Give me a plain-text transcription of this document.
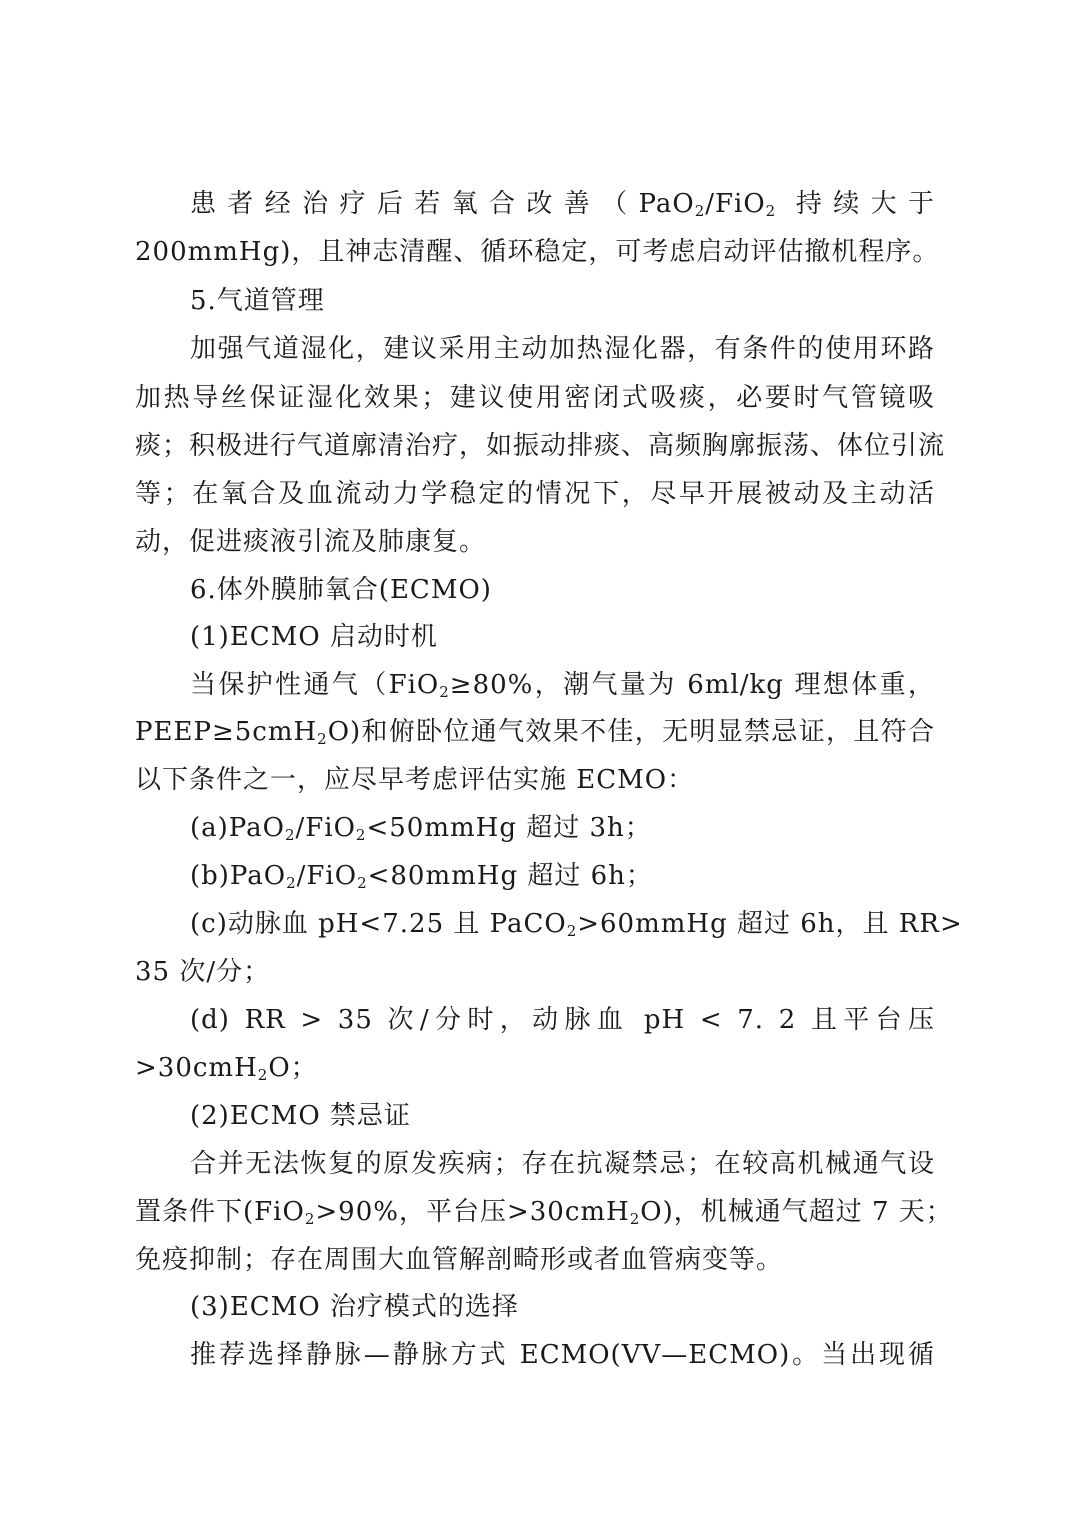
患者经治疗后若氧合改善（PaO$_2$/FiO$_2$ 持续大于
200mmHg)，且神志清醒、循环稳定，可考虑启动评估撤机程序。
5.气道管理
加强气道湿化，建议采用主动加热湿化器，有条件的使用环路
加热导丝保证湿化效果；建议使用密闭式吸痰，必要时气管镜吸
痰；积极进行气道廓清治疗，如振动排痰、高频胸廓振荡、体位引流
等；在氧合及血流动力学稳定的情况下，尽早开展被动及主动活
动，促进痰液引流及肺康复。
6.体外膜肺氧合(ECMO)
(1)ECMO 启动时机
当保护性通气（FiO$_2$≥80%，潮气量为 6ml/kg 理想体重，
PEEP≥5cmH$_2$O)和俯卧位通气效果不佳，无明显禁忌证，且符合
以下条件之一，应尽早考虑评估实施 ECMO：
(a)PaO$_2$/FiO$_2$<50mmHg 超过 3h；
(b)PaO$_2$/FiO$_2$<80mmHg 超过 6h；
(c)动脉血 pH<7.25 且 PaCO$_2$>60mmHg 超过 6h，且 RR>
35 次/分；
(d) RR > 35 次/分时，动脉血 pH < 7. 2 且平台压
>30cmH$_2$O；
(2)ECMO 禁忌证
合并无法恢复的原发疾病；存在抗凝禁忌；在较高机械通气设
置条件下(FiO$_2$>90%，平台压>30cmH$_2$O)，机械通气超过 7 天；
免疫抑制；存在周围大血管解剖畸形或者血管病变等。
(3)ECMO 治疗模式的选择
推荐选择静脉—静脉方式 ECMO(VV—ECMO)。当出现循
